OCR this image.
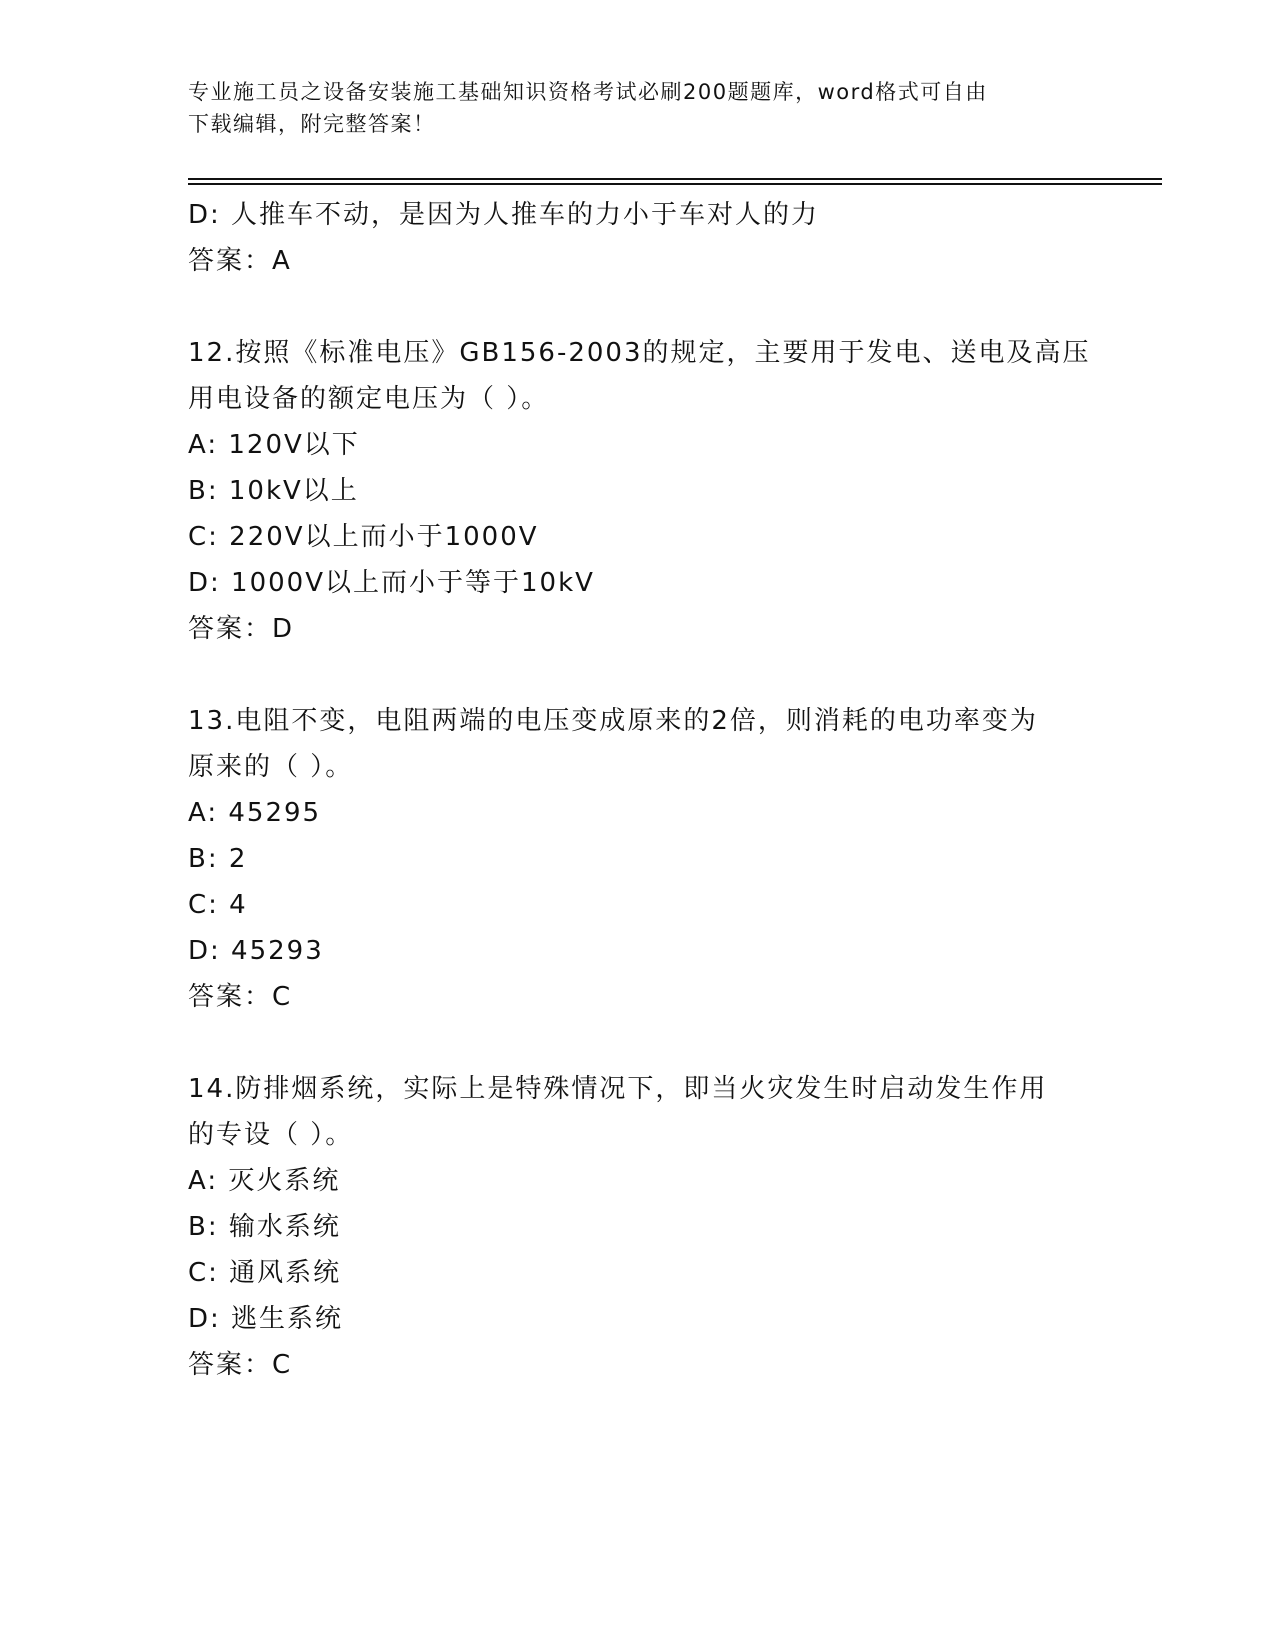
专业施工员之设备安装施工基础知识资格考试必刷200题题库，word格式可自由

下载编辑，附完整答案！

D: 人推车不动，是因为人推车的力小于车对人的力
答案：A
12.按照《标准电压》GB156-2003的规定，主要用于发电、送电及高压
用电设备的额定电压为（ ）。
A: 120V以下
B: 10kV以上
C: 220V以上而小于1000V
D: 1000V以上而小于等于10kV
答案：D
13.电阻不变，电阻两端的电压变成原来的2倍，则消耗的电功率变为
原来的（ ）。
A: 45295
B: 2
C: 4
D: 45293
答案：C
14.防排烟系统，实际上是特殊情况下，即当火灾发生时启动发生作用
的专设（ ）。
A: 灭火系统
B: 输水系统
C: 通风系统
D: 逃生系统
答案：C
